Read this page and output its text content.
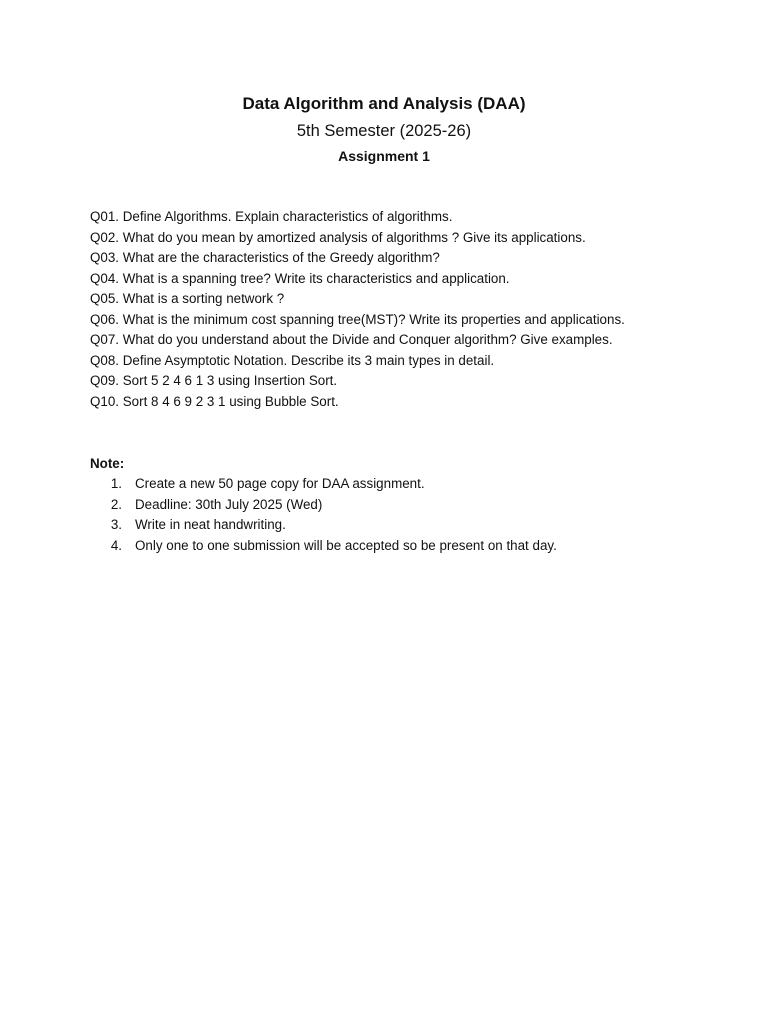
Data Algorithm and Analysis (DAA)
5th Semester (2025-26)
Assignment 1
Q01. Define Algorithms. Explain characteristics of algorithms.
Q02. What do you mean by amortized analysis of algorithms ? Give its applications.
Q03. What are the characteristics of the Greedy algorithm?
Q04. What is a spanning tree? Write its characteristics and application.
Q05. What is a sorting network ?
Q06. What is the minimum cost spanning tree(MST)? Write its properties and applications.
Q07. What do you understand about the Divide and Conquer algorithm? Give examples.
Q08. Define Asymptotic Notation. Describe its 3 main types in detail.
Q09. Sort 5 2 4 6 1 3 using Insertion Sort.
Q10. Sort 8 4 6 9 2 3 1 using Bubble Sort.
Note:
1. Create a new 50 page copy for DAA assignment.
2. Deadline: 30th July 2025 (Wed)
3. Write in neat handwriting.
4. Only one to one submission will be accepted so be present on that day.
